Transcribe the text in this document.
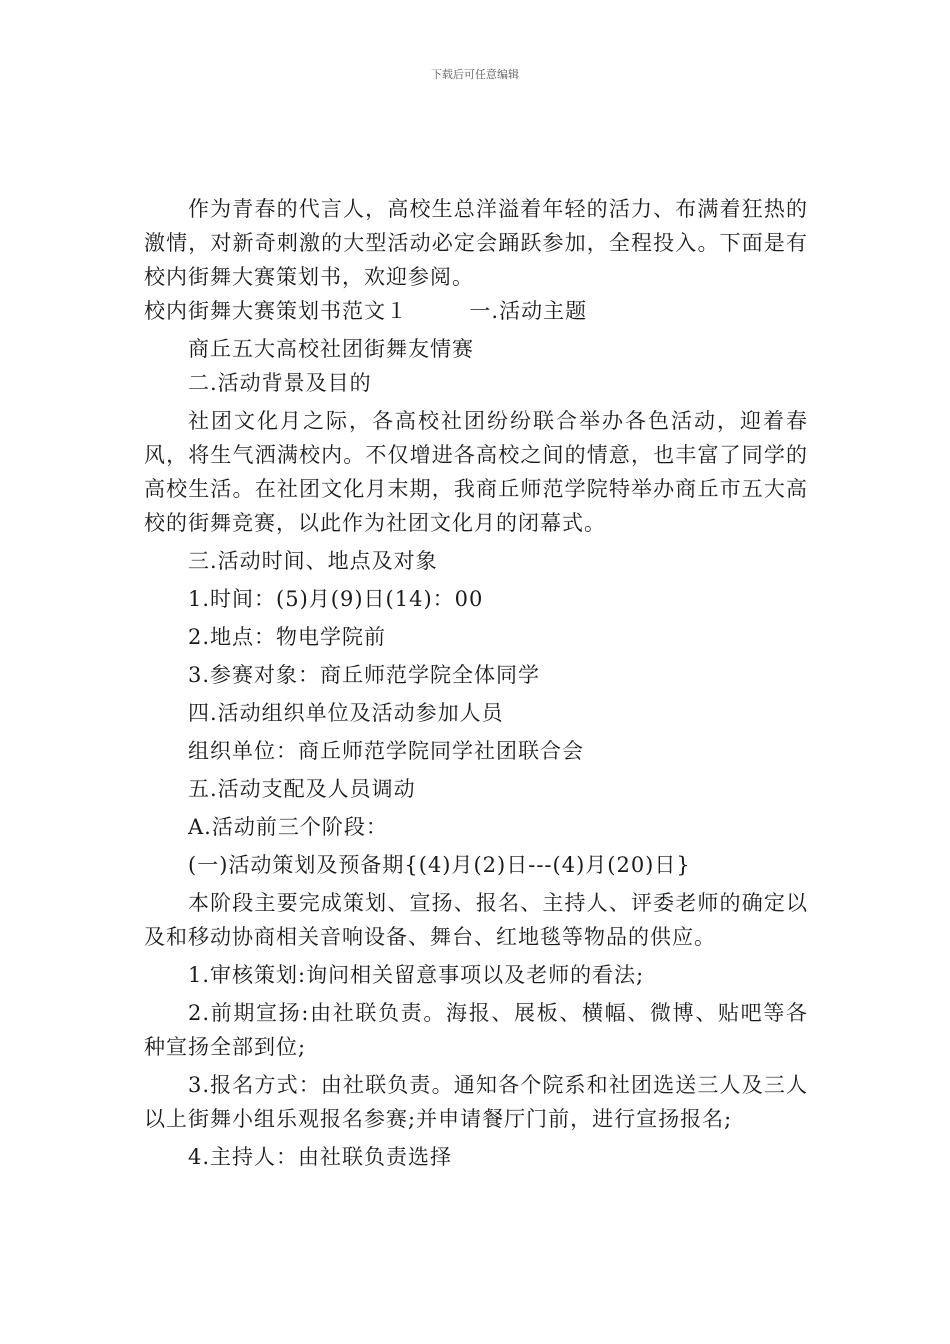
下载后可任意编辑

作为青春的代言人，高校生总洋溢着年轻的活力、布满着狂热的激情，对新奇刺激的大型活动必定会踊跃参加，全程投入。下面是有校内街舞大赛策划书，欢迎参阅。

校内街舞大赛策划书范文１        一.活动主题

商丘五大高校社团街舞友情赛

二.活动背景及目的

社团文化月之际，各高校社团纷纷联合举办各色活动，迎着春风，将生气洒满校内。不仅增进各高校之间的情意，也丰富了同学的高校生活。在社团文化月末期，我商丘师范学院特举办商丘市五大高校的街舞竞赛，以此作为社团文化月的闭幕式。

三.活动时间、地点及对象

1.时间：(5)月(9)日(14)：00

2.地点：物电学院前

3.参赛对象：商丘师范学院全体同学

四.活动组织单位及活动参加人员

组织单位：商丘师范学院同学社团联合会

五.活动支配及人员调动

A.活动前三个阶段：

(一)活动策划及预备期{(4)月(2)日---(4)月(20)日}

本阶段主要完成策划、宣扬、报名、主持人、评委老师的确定以及和移动协商相关音响设备、舞台、红地毯等物品的供应。

1.审核策划:询问相关留意事项以及老师的看法;

2.前期宣扬:由社联负责。海报、展板、横幅、微博、贴吧等各种宣扬全部到位;

3.报名方式：由社联负责。通知各个院系和社团选送三人及三人以上街舞小组乐观报名参赛;并申请餐厅门前，进行宣扬报名;

4.主持人：由社联负责选择
